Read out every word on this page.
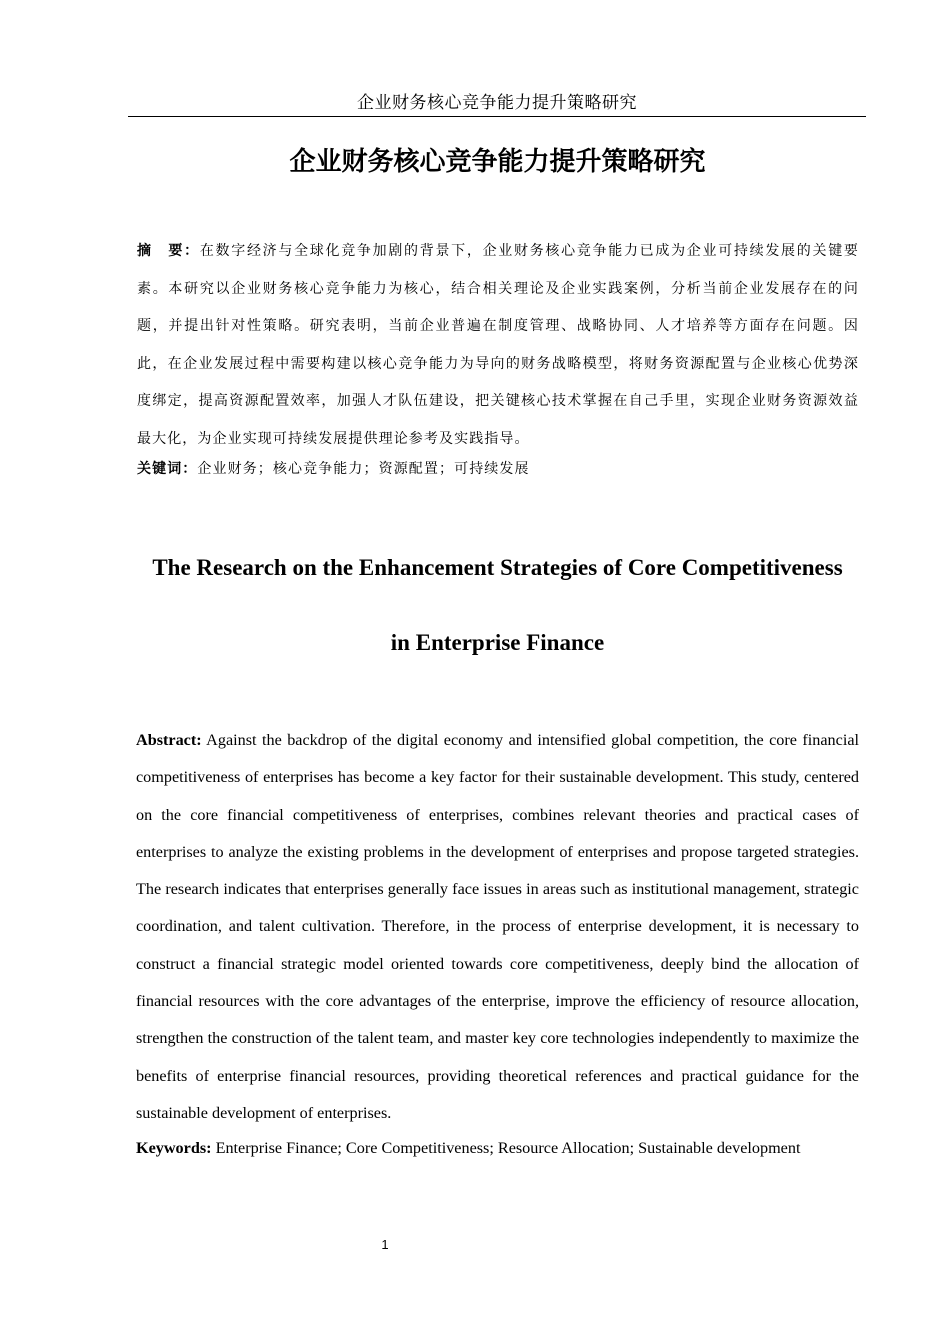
企业财务核心竞争能力提升策略研究
企业财务核心竞争能力提升策略研究

摘　要：在数字经济与全球化竞争加剧的背景下，企业财务核心竞争能力已成为企业可持续发展的关键要素。本研究以企业财务核心竞争能力为核心，结合相关理论及企业实践案例，分析当前企业发展存在的问题，并提出针对性策略。研究表明，当前企业普遍在制度管理、战略协同、人才培养等方面存在问题。因此，在企业发展过程中需要构建以核心竞争能力为导向的财务战略模型，将财务资源配置与企业核心优势深度绑定，提高资源配置效率，加强人才队伍建设，把关键核心技术掌握在自己手里，实现企业财务资源效益最大化，为企业实现可持续发展提供理论参考及实践指导。

关键词：企业财务；核心竞争能力；资源配置；可持续发展

The Research on the Enhancement Strategies of Core Competitiveness
in Enterprise Finance

Abstract: Against the backdrop of the digital economy and intensified global competition, the core financial competitiveness of enterprises has become a key factor for their sustainable development. This study, centered on the core financial competitiveness of enterprises, combines relevant theories and practical cases of enterprises to analyze the existing problems in the development of enterprises and propose targeted strategies. The research indicates that enterprises generally face issues in areas such as institutional management, strategic coordination, and talent cultivation. Therefore, in the process of enterprise development, it is necessary to construct a financial strategic model oriented towards core competitiveness, deeply bind the allocation of financial resources with the core advantages of the enterprise, improve the efficiency of resource allocation, strengthen the construction of the talent team, and master key core technologies independently to maximize the benefits of enterprise financial resources, providing theoretical references and practical guidance for the sustainable development of enterprises.

Keywords: Enterprise Finance; Core Competitiveness; Resource Allocation; Sustainable development

1
